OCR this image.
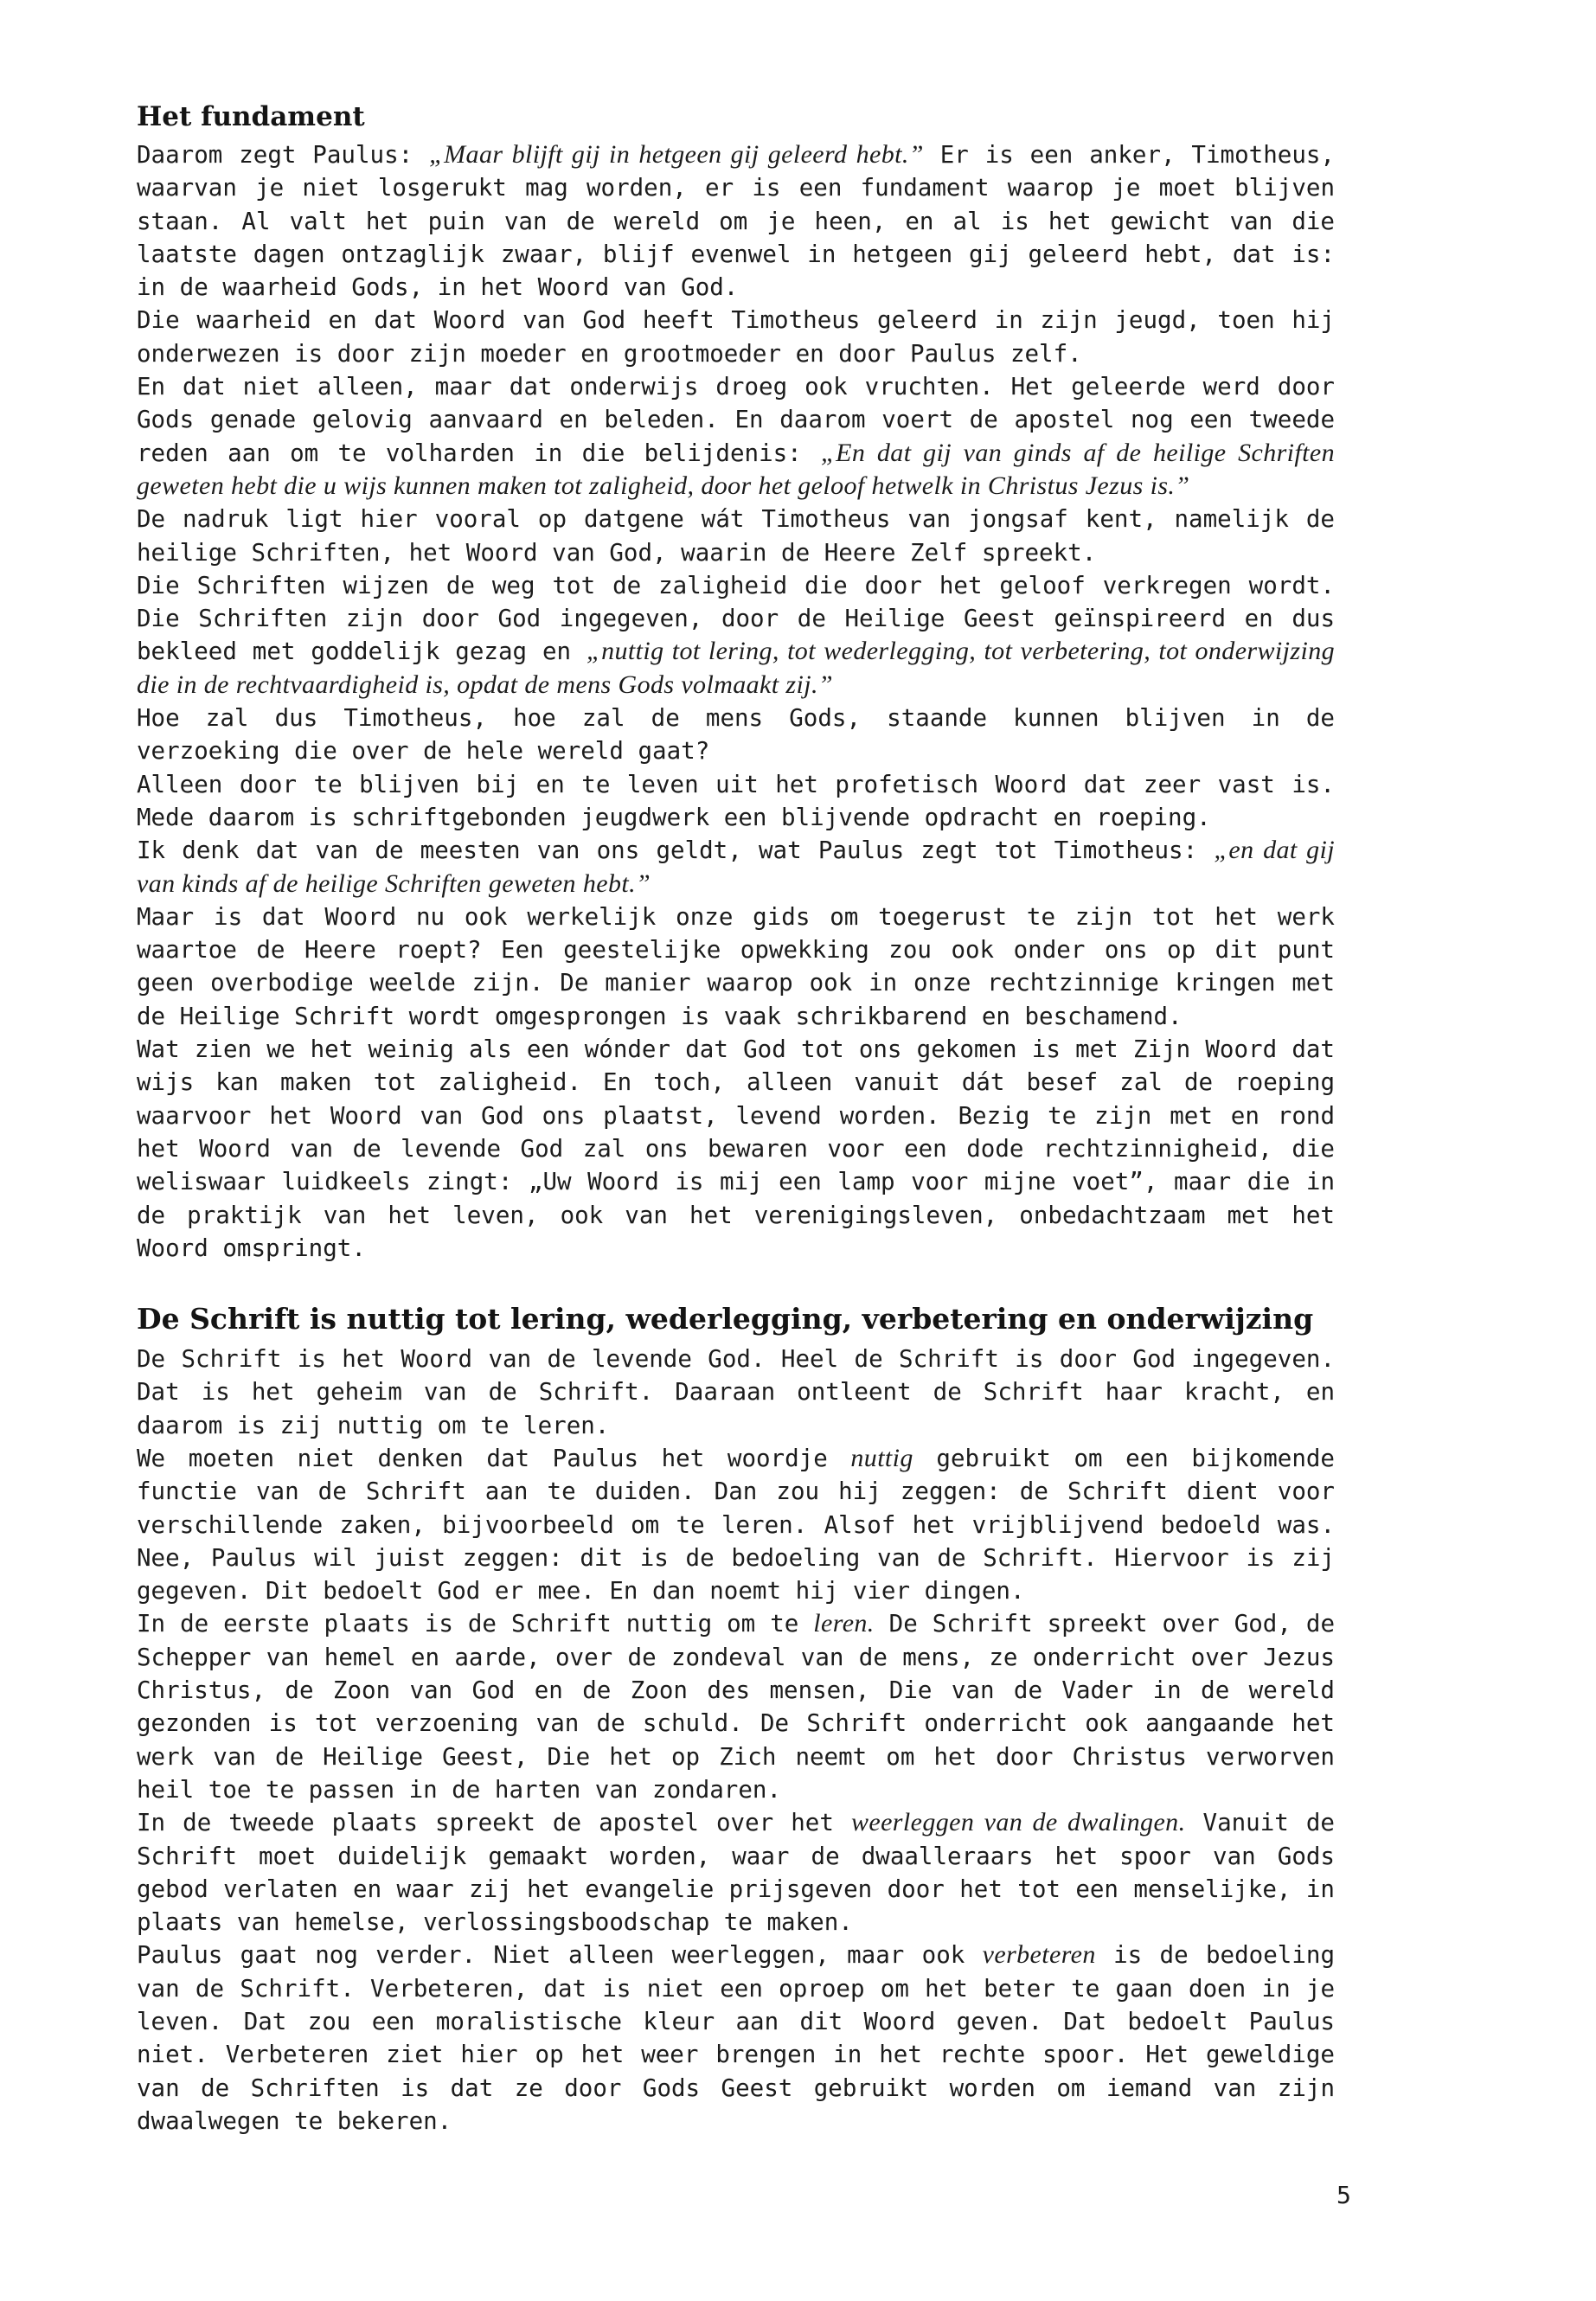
Het fundament

Daarom zegt Paulus: „Maar blijft gij in hetgeen gij geleerd hebt.” Er is een anker, Timotheus, waarvan je niet losgerukt mag worden, er is een fundament waarop je moet blijven staan. Al valt het puin van de wereld om je heen, en al is het gewicht van die laatste dagen ontzaglijk zwaar, blijf evenwel in hetgeen gij geleerd hebt, dat is: in de waarheid Gods, in het Woord van God.

Die waarheid en dat Woord van God heeft Timotheus geleerd in zijn jeugd, toen hij onderwezen is door zijn moeder en grootmoeder en door Paulus zelf.

En dat niet alleen, maar dat onderwijs droeg ook vruchten. Het geleerde werd door Gods genade gelovig aanvaard en beleden. En daarom voert de apostel nog een tweede reden aan om te volharden in die belijdenis: „En dat gij van ginds af de heilige Schriften geweten hebt die u wijs kunnen maken tot zaligheid, door het geloof hetwelk in Christus Jezus is.”

De nadruk ligt hier vooral op datgene wát Timotheus van jongsaf kent, namelijk de heilige Schriften, het Woord van God, waarin de Heere Zelf spreekt.

Die Schriften wijzen de weg tot de zaligheid die door het geloof verkregen wordt. Die Schriften zijn door God ingegeven, door de Heilige Geest geïnspireerd en dus bekleed met goddelijk gezag en „nuttig tot lering, tot wederlegging, tot verbetering, tot onderwijzing die in de rechtvaardigheid is, opdat de mens Gods volmaakt zij.”

Hoe zal dus Timotheus, hoe zal de mens Gods, staande kunnen blijven in de verzoeking die over de hele wereld gaat?

Alleen door te blijven bij en te leven uit het profetisch Woord dat zeer vast is. Mede daarom is schriftgebonden jeugdwerk een blijvende opdracht en roeping.

Ik denk dat van de meesten van ons geldt, wat Paulus zegt tot Timotheus: „en dat gij van kinds af de heilige Schriften geweten hebt.”

Maar is dat Woord nu ook werkelijk onze gids om toegerust te zijn tot het werk waartoe de Heere roept? Een geestelijke opwekking zou ook onder ons op dit punt geen overbodige weelde zijn. De manier waarop ook in onze rechtzinnige kringen met de Heilige Schrift wordt omgesprongen is vaak schrikbarend en beschamend.

Wat zien we het weinig als een wónder dat God tot ons gekomen is met Zijn Woord dat wijs kan maken tot zaligheid. En toch, alleen vanuit dát besef zal de roeping waarvoor het Woord van God ons plaatst, levend worden. Bezig te zijn met en rond het Woord van de levende God zal ons bewaren voor een dode rechtzinnigheid, die weliswaar luidkeels zingt: „Uw Woord is mij een lamp voor mijne voet”, maar die in de praktijk van het leven, ook van het verenigingsleven, onbedachtzaam met het Woord omspringt.

De Schrift is nuttig tot lering, wederlegging, verbetering en onderwijzing

De Schrift is het Woord van de levende God. Heel de Schrift is door God ingegeven. Dat is het geheim van de Schrift. Daaraan ontleent de Schrift haar kracht, en daarom is zij nuttig om te leren.

We moeten niet denken dat Paulus het woordje nuttig gebruikt om een bijkomende functie van de Schrift aan te duiden. Dan zou hij zeggen: de Schrift dient voor verschillende zaken, bijvoorbeeld om te leren. Alsof het vrijblijvend bedoeld was. Nee, Paulus wil juist zeggen: dit is de bedoeling van de Schrift. Hiervoor is zij gegeven. Dit bedoelt God er mee. En dan noemt hij vier dingen.

In de eerste plaats is de Schrift nuttig om te leren. De Schrift spreekt over God, de Schepper van hemel en aarde, over de zondeval van de mens, ze onderricht over Jezus Christus, de Zoon van God en de Zoon des mensen, Die van de Vader in de wereld gezonden is tot verzoening van de schuld. De Schrift onderricht ook aangaande het werk van de Heilige Geest, Die het op Zich neemt om het door Christus verworven heil toe te passen in de harten van zondaren.

In de tweede plaats spreekt de apostel over het weerleggen van de dwalingen. Vanuit de Schrift moet duidelijk gemaakt worden, waar de dwaalleraars het spoor van Gods gebod verlaten en waar zij het evangelie prijsgeven door het tot een menselijke, in plaats van hemelse, verlossingsboodschap te maken.

Paulus gaat nog verder. Niet alleen weerleggen, maar ook verbeteren is de bedoeling van de Schrift. Verbeteren, dat is niet een oproep om het beter te gaan doen in je leven. Dat zou een moralistische kleur aan dit Woord geven. Dat bedoelt Paulus niet. Verbeteren ziet hier op het weer brengen in het rechte spoor. Het geweldige van de Schriften is dat ze door Gods Geest gebruikt worden om iemand van zijn dwaalwegen te bekeren.

5
